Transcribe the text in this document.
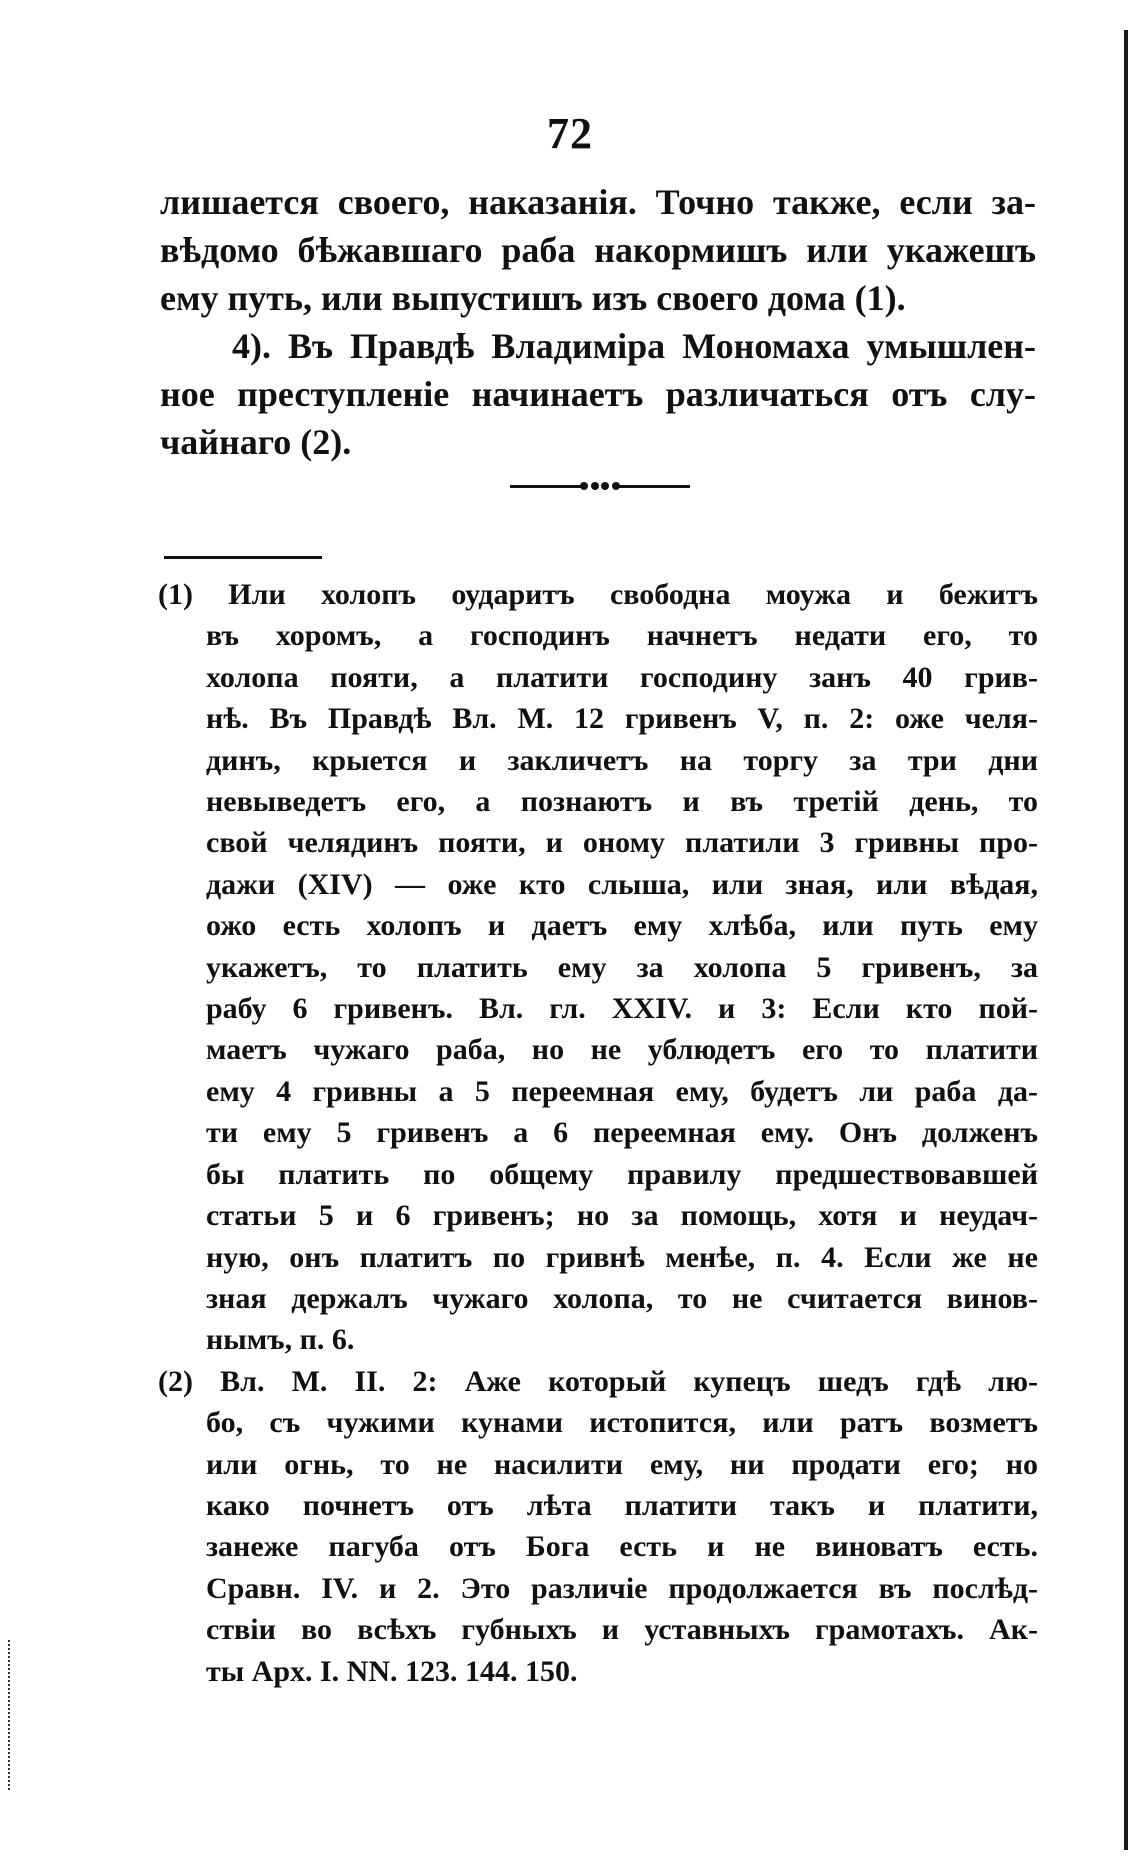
72
лишается своего, наказанія. Точно также, если за-
вѣдомо бѣжавшаго раба накормишъ или укажешъ
ему путь, или выпустишъ изъ своего дома (1).
4). Въ Правдѣ Владиміра Мономаха умышлен-
ное преступленіе начинаетъ различаться отъ слу-
чайнаго (2).
(1) Или холопъ оударитъ свободна моужа и бежитъ
въ хоромъ, а господинъ начнетъ недати его, то
холопа пояти, а платити господину занъ 40 грив-
нѣ. Въ Правдѣ Вл. М. 12 гривенъ V, п. 2: оже челя-
динъ, крыется и закличетъ на торгу за три дни
невыведетъ его, а познаютъ и въ третій день, то
свой челядинъ пояти, и оному платили 3 гривны про-
дажи (XIV) — оже кто слыша, или зная, или вѣдая,
ожо есть холопъ и даетъ ему хлѣба, или путь ему
укажетъ, то платить ему за холопа 5 гривенъ, за
рабу 6 гривенъ. Вл. гл. XXIV. и 3: Если кто пой-
маетъ чужаго раба, но не ублюдетъ его то платити
ему 4 гривны а 5 переемная ему, будетъ ли раба да-
ти ему 5 гривенъ а 6 переемная ему. Онъ долженъ
бы платить по общему правилу предшествовавшей
статьи 5 и 6 гривенъ; но за помощь, хотя и неудач-
ную, онъ платитъ по гривнѣ менѣе, п. 4. Если же не
зная держалъ чужаго холопа, то не считается винов-
нымъ, п. 6.
(2) Вл. М. II. 2: Аже который купецъ шедъ гдѣ лю-
бо, съ чужими кунами истопится, или ратъ возметъ
или огнь, то не насилити ему, ни продати его; но
како почнетъ отъ лѣта платити такъ и платити,
занеже пагуба отъ Бога есть и не виноватъ есть.
Сравн. IV. и 2. Это различіе продолжается въ послѣд-
ствіи во всѣхъ губныхъ и уставныхъ грамотахъ. Ак-
ты Арх. I. NN. 123. 144. 150.
